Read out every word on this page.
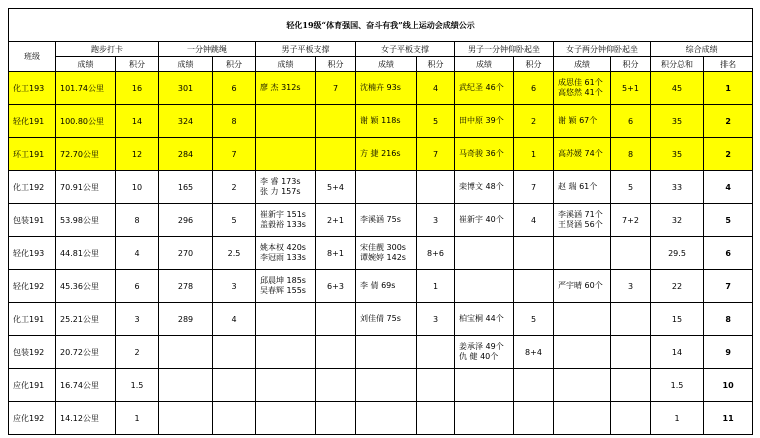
轻化19级“体育强国、奋斗有我”线上运动会成绩公示														
班级	跑步打卡		一分钟跳绳		男子平板支撑		女子平板支撑		男子一分钟仰卧起坐		女子两分钟仰卧起坐		综合成绩	
	成绩	积分	成绩	积分	成绩	积分	成绩	积分	成绩	积分	成绩	积分	积分总和	排名
化工193	101.74公里	16	301	6	廖 杰 312s	7	沈楠卉 93s	4	武纪圣 46个	6	成思佳 61个
高悠然 41个	5+1	45	1
轻化191	100.80公里	14	324	8			谢 颖 118s	5	田中原 39个	2	谢 颖 67个	6	35	2
环工191	72.70公里	12	284	7			方 捷 216s	7	马奇骏 36个	1	高苏媛 74个	8	35	2
化工192	70.91公里	10	165	2	李 睿 173s
张 力 157s	5+4			栾博文 48个	7	赵 瑞 61个	5	33	4
包装191	53.98公里	8	296	5	崔新宇 151s
盖毅裕 133s	2+1	李溪涵 75s	3	崔新宇 40个	4	李溪涵 71个
王贤涵 56个	7+2	32	5
轻化193	44.81公里	4	270	2.5	姚本权 420s
李冠雨 133s	8+1	宋佳靓 300s
谭婉婷 142s	8+6					29.5	6
轻化192	45.36公里	6	278	3	邱晨坤 185s
吴春辉 155s	6+3	李 倩 69s	1			严宇晴 60个	3	22	7
化工191	25.21公里	3	289	4			刘佳倩 75s	3	柏宝桐 44个	5			15	8
包装192	20.72公里	2							姜承泽 49个
仇 健 40个	8+4			14	9
应化191	16.74公里	1.5											1.5	10
应化192	14.12公里	1											1	11
